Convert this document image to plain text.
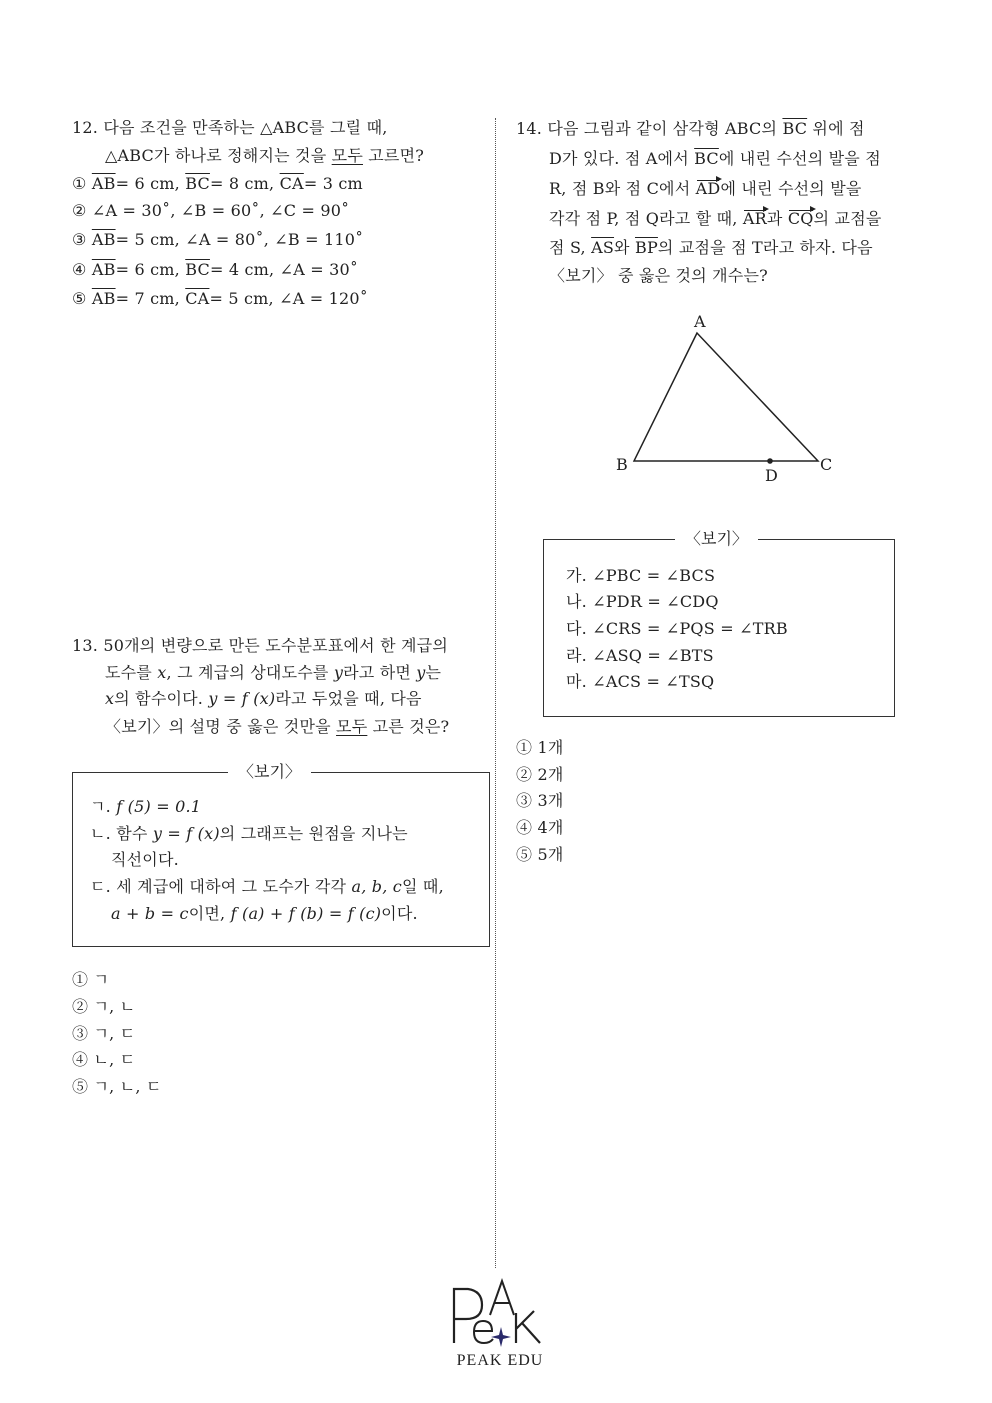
12. 다음 조건을 만족하는 △ABC를 그릴 때,
△ABC가 하나로 정해지는 것을 모두 고르면?
① $\overline{AB}= 6$ cm, $\overline{BC}= 8$ cm, $\overline{CA}= 3$ cm
② ∠A = 30˚, ∠B = 60˚, ∠C = 90˚
③ $\overline{AB}= 5$ cm, ∠A = 80˚, ∠B = 110˚
④ $\overline{AB}= 6$ cm, $\overline{BC}= 4$ cm, ∠A = 30˚
⑤ $\overline{AB}= 7$ cm, $\overline{CA}= 5$ cm, ∠A = 120˚
13. 50개의 변량으로 만든 도수분포표에서 한 계급의
도수를 x, 그 계급의 상대도수를 y라고 하면 y는
x의 함수이다. y = f (x)라고 두었을 때, 다음
〈보기〉의 설명 중 옳은 것만을 모두 고른 것은?
〈보기〉
ㄱ. f (5) = 0.1
ㄴ. 함수 y = f (x)의 그래프는 원점을 지나는
직선이다.
ㄷ. 세 계급에 대하여 그 도수가 각각 a, b, c일 때,
a + b = c이면, f (a) + f (b) = f (c)이다.
① ㄱ
② ㄱ, ㄴ
③ ㄱ, ㄷ
④ ㄴ, ㄷ
⑤ ㄱ, ㄴ, ㄷ
14. 다음 그림과 같이 삼각형 ABC의 $\overline{BC}$ 위에 점
D가 있다. 점 A에서 $\overline{BC}$에 내린 수선의 발을 점
R, 점 B와 점 C에서 AD에 내린 수선의 발을
각각 점 P, 점 Q라고 할 때, AR과 CQ의 교점을
점 S, $\overline{AS}$와 $\overline{BP}$의 교점을 점 T라고 하자. 다음
〈보기〉 중 옳은 것의 개수는?
A
B	C
D
〈보기〉
가. ∠PBC = ∠BCS
나. ∠PDR = ∠CDQ
다. ∠CRS = ∠PQS = ∠TRB
라. ∠ASQ = ∠BTS
마. ∠ACS = ∠TSQ
① 1개
② 2개
③ 3개
④ 4개
⑤ 5개
PEAK EDU
